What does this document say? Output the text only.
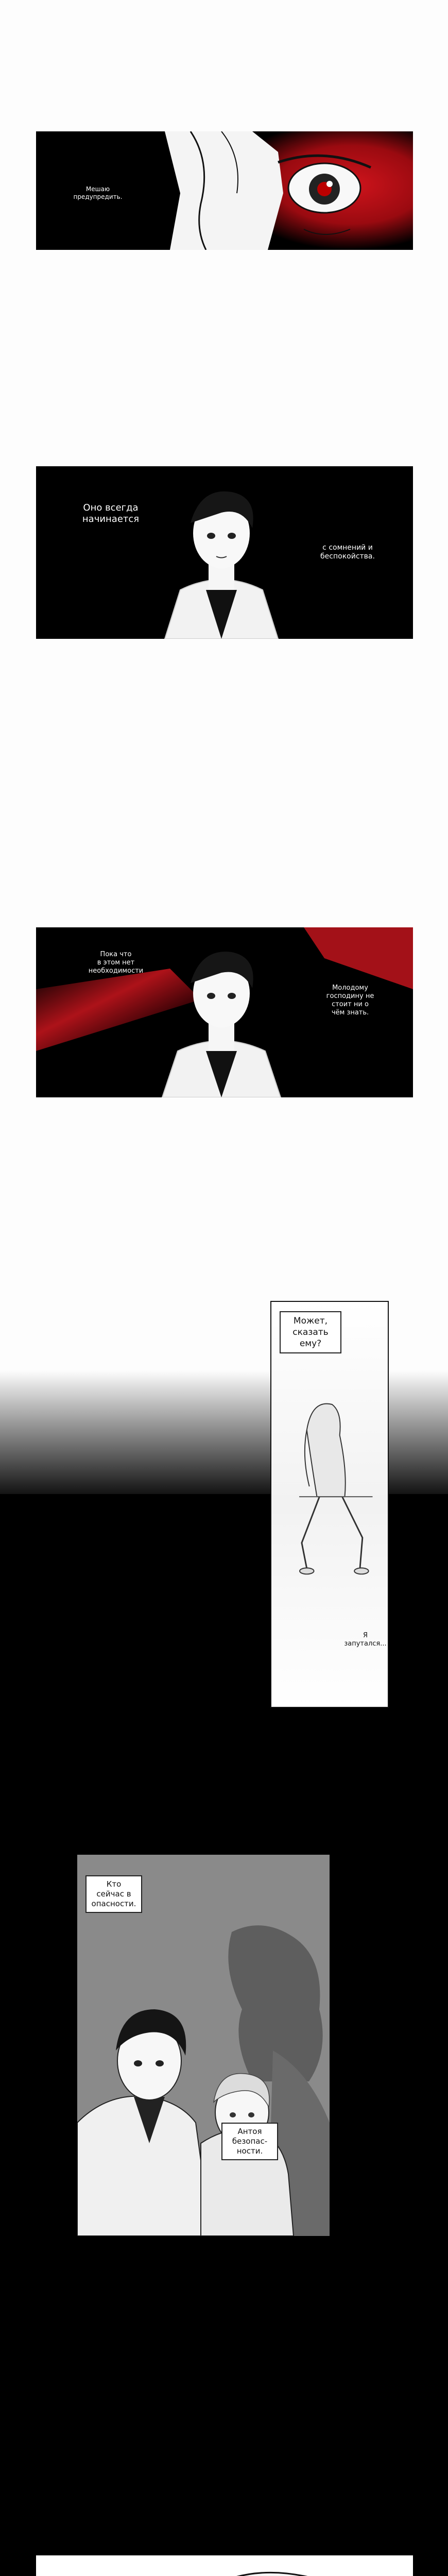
Мешаю
предупредить.
Оно всегда
начинается
с сомнений и
беспокойства.
Пока что
в этом нет
необходимости
Молодому
господину не
стоит ни о
чём знать.
Может,
сказать
ему?
Я
запутался...
Кто
сейчас в
опасности.
Антоя
безопас-
ности.
